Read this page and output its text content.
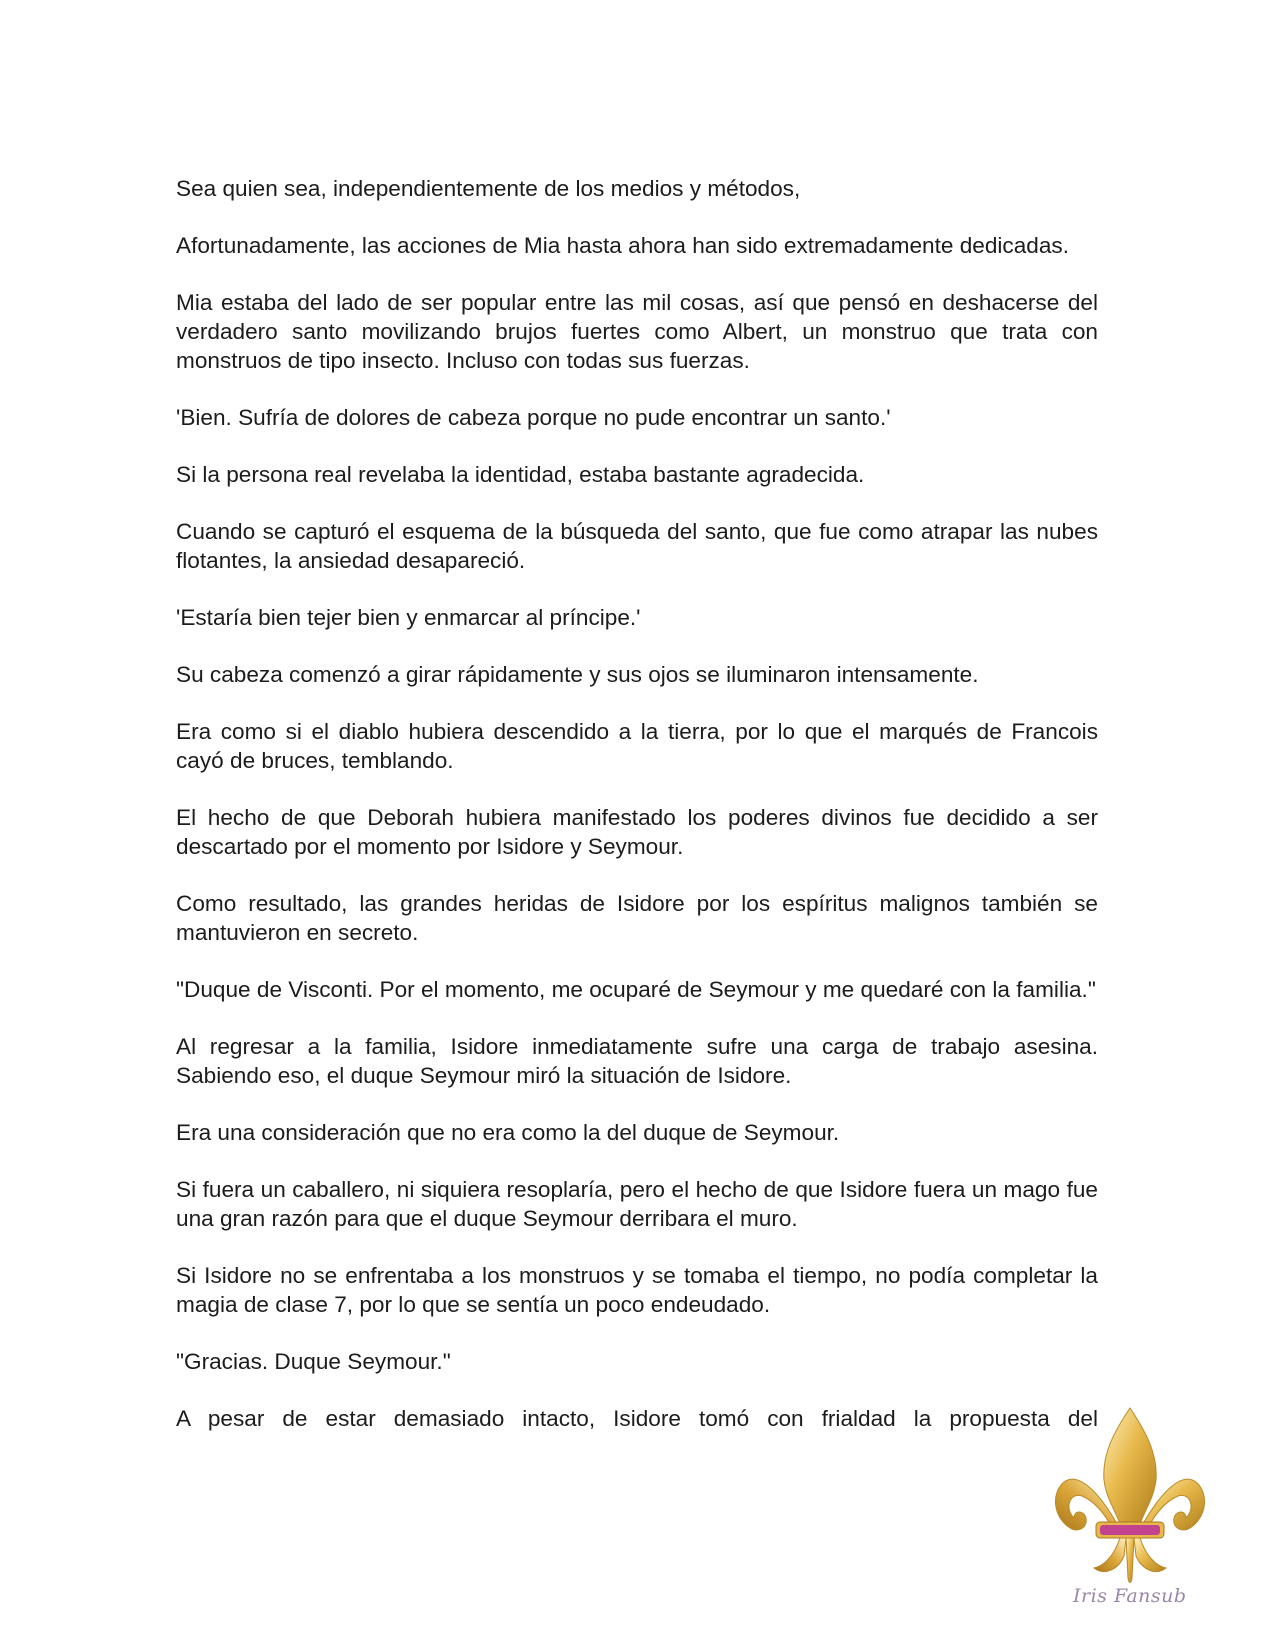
Sea quien sea, independientemente de los medios y métodos,

Afortunadamente, las acciones de Mia hasta ahora han sido extremadamente dedicadas.

Mia estaba del lado de ser popular entre las mil cosas, así que pensó en deshacerse del verdadero santo movilizando brujos fuertes como Albert, un monstruo que trata con monstruos de tipo insecto. Incluso con todas sus fuerzas.

'Bien. Sufría de dolores de cabeza porque no pude encontrar un santo.'

Si la persona real revelaba la identidad, estaba bastante agradecida.

Cuando se capturó el esquema de la búsqueda del santo, que fue como atrapar las nubes flotantes, la ansiedad desapareció.

'Estaría bien tejer bien y enmarcar al príncipe.'

Su cabeza comenzó a girar rápidamente y sus ojos se iluminaron intensamente.

Era como si el diablo hubiera descendido a la tierra, por lo que el marqués de Francois cayó de bruces, temblando.

El hecho de que Deborah hubiera manifestado los poderes divinos fue decidido a ser descartado por el momento por Isidore y Seymour.

Como resultado, las grandes heridas de Isidore por los espíritus malignos también se mantuvieron en secreto.

"Duque de Visconti. Por el momento, me ocuparé de Seymour y me quedaré con la familia."

Al regresar a la familia, Isidore inmediatamente sufre una carga de trabajo asesina. Sabiendo eso, el duque Seymour miró la situación de Isidore.

Era una consideración que no era como la del duque de Seymour.

Si fuera un caballero, ni siquiera resoplaría, pero el hecho de que Isidore fuera un mago fue una gran razón para que el duque Seymour derribara el muro.

Si Isidore no se enfrentaba a los monstruos y se tomaba el tiempo, no podía completar la magia de clase 7, por lo que se sentía un poco endeudado.

"Gracias. Duque Seymour."

A pesar de estar demasiado intacto, Isidore tomó con frialdad la propuesta del

Iris Fansub
